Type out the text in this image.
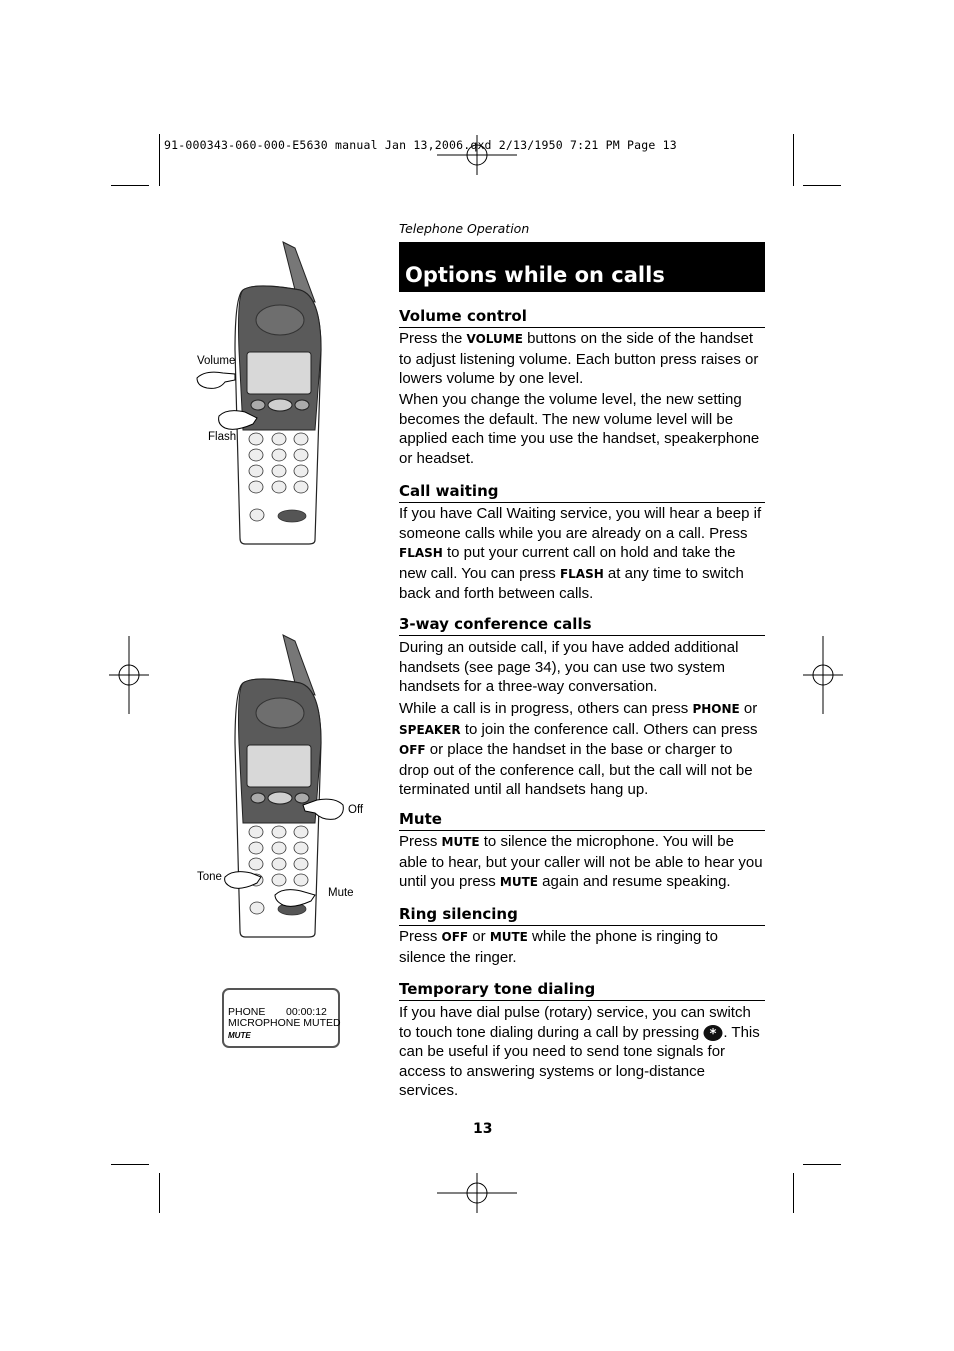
91-000343-060-000-E5630 manual Jan 13,2006.qxd 2/13/1950 7:21 PM Page 13
Volume
Flash
Off
Tone
Mute
PHONE 00:00:12
MICROPHONE MUTED
MUTE
Telephone Operation
Options while on calls
Volume control
Press the VOLUME buttons on the side of the handset to adjust listening volume. Each button press raises or lowers volume by one level.
When you change the volume level, the new setting becomes the default. The new volume level will be applied each time you use the handset, speakerphone or headset.
Call waiting
If you have Call Waiting service, you will hear a beep if someone calls while you are already on a call. Press FLASH to put your current call on hold and take the new call. You can press FLASH at any time to switch back and forth between calls.
3-way conference calls
During an outside call, if you have added additional handsets (see page 34), you can use two system handsets for a three-way conversation.
While a call is in progress, others can press PHONE or SPEAKER to join the conference call. Others can press OFF or place the handset in the base or charger to drop out of the conference call, but the call will not be terminated until all handsets hang up.
Mute
Press MUTE to silence the microphone. You will be able to hear, but your caller will not be able to hear you until you press MUTE again and resume speaking.
Ring silencing
Press OFF or MUTE while the phone is ringing to silence the ringer.
Temporary tone dialing
If you have dial pulse (rotary) service, you can switch to touch tone dialing during a call by pressing * . This can be useful if you need to send tone signals for access to answering systems or long-distance services.
13
